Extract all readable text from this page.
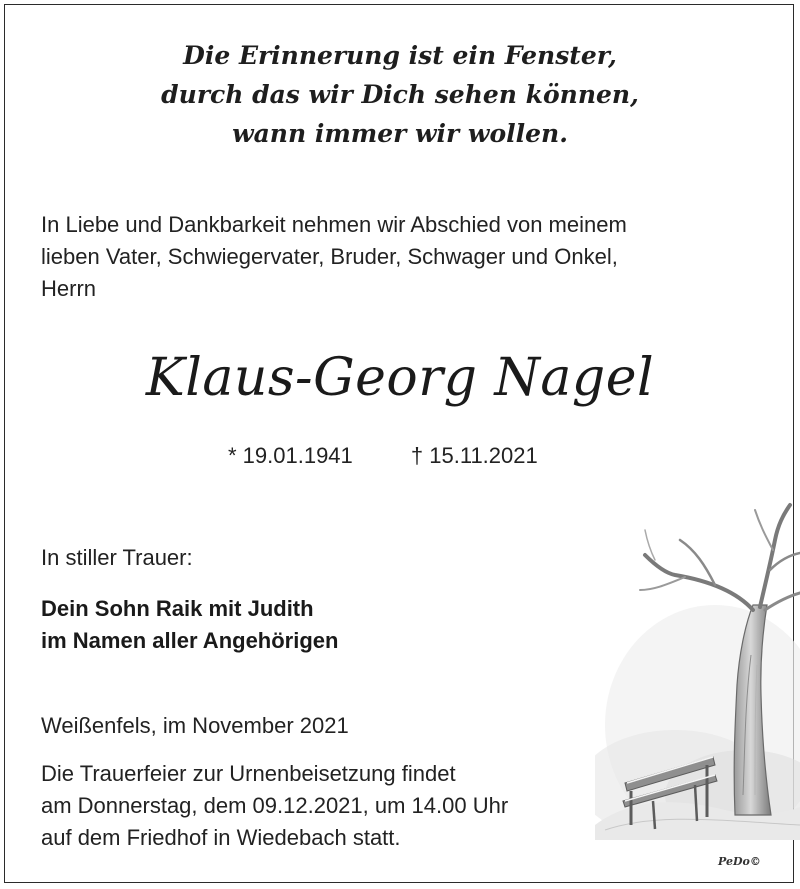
Die Erinnerung ist ein Fenster,
durch das wir Dich sehen können,
wann immer wir wollen.
In Liebe und Dankbarkeit nehmen wir Abschied von meinem
lieben Vater, Schwiegervater, Bruder, Schwager und Onkel,
Herrn
Klaus-Georg Nagel
* 19.01.1941	† 15.11.2021
In stiller Trauer:
Dein Sohn Raik mit Judith
im Namen aller Angehörigen
Weißenfels, im November 2021
Die Trauerfeier zur Urnenbeisetzung findet
am Donnerstag, dem 09.12.2021, um 14.00 Uhr
auf dem Friedhof in Wiedebach statt.
PeDo©
